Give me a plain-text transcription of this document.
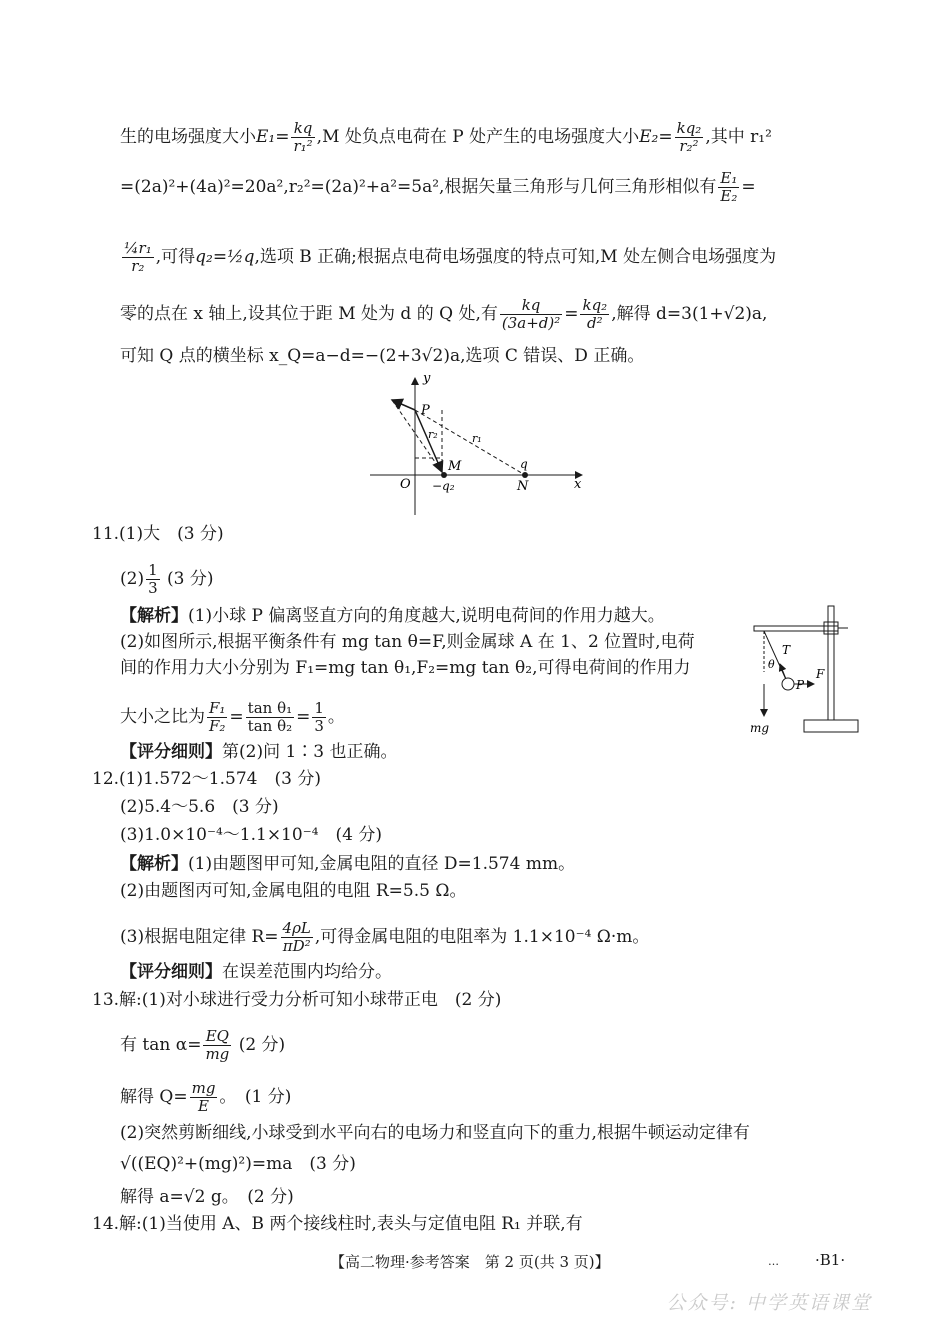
生的电场强度大小$E_1= \frac{kq}{\text{r₁²}} ,M$ 处负点电荷在 P 处产生的电场强度大小$E_2= \frac{\text{kq₂}}{\text{r₂²}}$ ,其中 r₁²
=(2a)²+(4a)²=20a²,r₂²=(2a)²+a²=5a²,根据矢量三角形与几何三角形相似有 $\frac{\text{E₁}}{\text{E₂}}$ =
$\frac{\text{¼r₁}}{\text{r₂}}$ ,可得q₂=½q,选项 B 正确;根据点电荷电场强度的特点可知,M 处左侧合电场强度为
零的点在 x 轴上,设其位于距 M 处为 d 的 Q 处,有 $\frac{kq}{\text{(3a+d)²}} = \frac{\text{kq₂}}{\text{d²}}$ ,解得 d=3(1+√2)a,
可知 Q 点的横坐标 x_Q=a−d=−(2+3√2)a,选项 C 错误、D 正确。
y
x
P
M
O −q₂	N
q
r₁
r₂
11.(1)大　(3 分)
$(2) \frac{1}{3} (3$ 分)
【解析】(1)小球 P 偏离竖直方向的角度越大,说明电荷间的作用力越大。
(2)如图所示,根据平衡条件有 mg tan θ=F,则金属球 A 在 1、2 位置时,电荷
间的作用力大小分别为 F₁=mg tan θ₁,F₂=mg tan θ₂,可得电荷间的作用力
大小之比为 $\frac{\text{F₁}}{\text{F₂}} = \frac{\text{tan θ₁}}{\text{tan θ₂}} = \frac{1}{3}$ 。
【评分细则】第(2)问 1∶3 也正确。
T
θ
F
P
mg
12.(1)1.572～1.574　(3 分)
(2)5.4～5.6　(3 分)
(3)1.0×10⁻⁴～1.1×10⁻⁴　(4 分)
【解析】(1)由题图甲可知,金属电阻的直径 D=1.574 mm。
(2)由题图丙可知,金属电阻的电阻 R=5.5 Ω。
(3)根据电阻定律 $R= \frac{4\rho L}{\text{πD²}}$ ,可得金属电阻的电阻率为 1.1×10⁻⁴ Ω·m。
【评分细则】在误差范围内均给分。
13.解:(1)对小球进行受力分析可知小球带正电　(2 分)
有 $\tan \alpha= \frac{EQ}{mg} (2$ 分)
解得 $Q= \frac{mg}{E}$ 。　(1 分)
(2)突然剪断细线,小球受到水平向右的电场力和竖直向下的重力,根据牛顿运动定律有
√((EQ)²+(mg)²)=ma　(3 分)
解得 a=√2 g。　(2 分)
14.解:(1)当使用 A、B 两个接线柱时,表头与定值电阻 R₁ 并联,有
【高二物理·参考答案　第 2 页(共 3 页)】	… ·B1·
公众号: 中学英语课堂
